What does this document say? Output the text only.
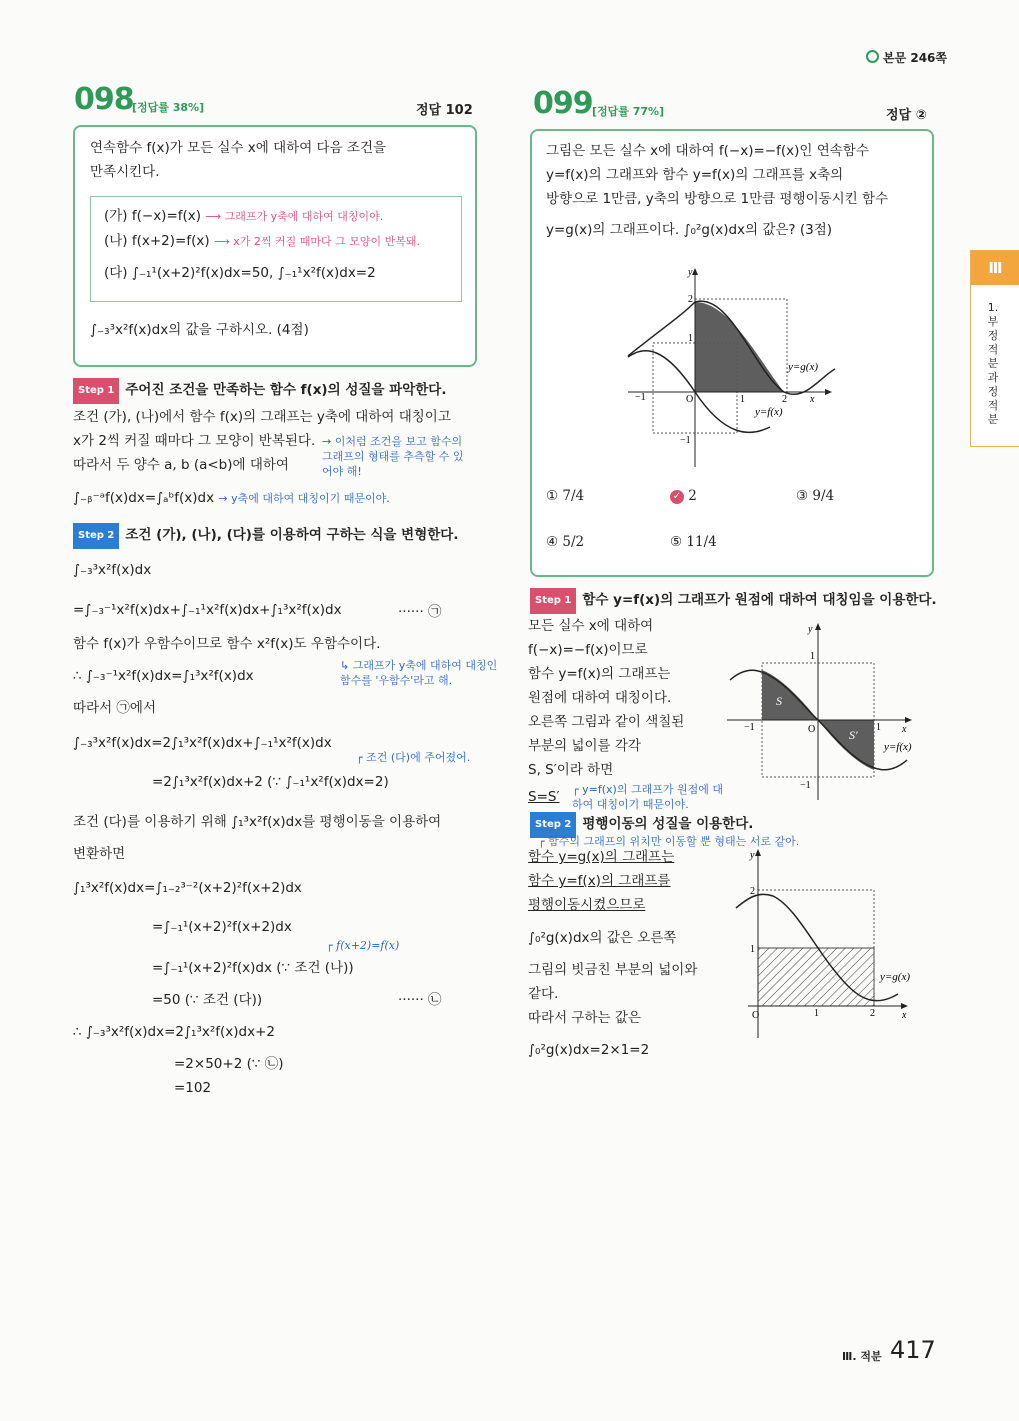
본문 246쪽
098
[정답률 38%]	정답 102
연속함수 f(x)가 모든 실수 x에 대하여 다음 조건을
만족시킨다.
(가) f(−x)=f(x) ⟶ 그래프가 y축에 대하여 대칭이야.
(나) f(x+2)=f(x) ⟶ x가 2씩 커질 때마다 그 모양이 반복돼.
(다) ∫₋₁¹(x+2)²f(x)dx=50, ∫₋₁¹x²f(x)dx=2
∫₋₃³x²f(x)dx의 값을 구하시오. (4점)
Step 1 주어진 조건을 만족하는 함수 f(x)의 성질을 파악한다.
조건 (가), (나)에서 함수 f(x)의 그래프는 y축에 대하여 대칭이고
x가 2씩 커질 때마다 그 모양이 반복된다. → 이처럼 조건을 보고 함수의 그래프의 형태를 추측할 수 있어야 해!
따라서 두 양수 a, b (a<b)에 대하여
∫₋ᵦ⁻ᵃf(x)dx=∫ₐᵇf(x)dx → y축에 대하여 대칭이기 때문이야.
Step 2 조건 (가), (나), (다)를 이용하여 구하는 식을 변형한다.
∫₋₃³x²f(x)dx
=∫₋₃⁻¹x²f(x)dx+∫₋₁¹x²f(x)dx+∫₁³x²f(x)dx	······ ㉠
함수 f(x)가 우함수이므로 함수 x²f(x)도 우함수이다.
↳ 그래프가 y축에 대하여 대칭인 함수를 '우함수'라고 해.
∴ ∫₋₃⁻¹x²f(x)dx=∫₁³x²f(x)dx
따라서 ㉠에서
∫₋₃³x²f(x)dx=2∫₁³x²f(x)dx+∫₋₁¹x²f(x)dx
┌ 조건 (다)에 주어졌어.
=2∫₁³x²f(x)dx+2 (∵ ∫₋₁¹x²f(x)dx=2)
조건 (다)를 이용하기 위해 ∫₁³x²f(x)dx를 평행이동을 이용하여
변환하면
∫₁³x²f(x)dx=∫₁₋₂³⁻²(x+2)²f(x+2)dx
=∫₋₁¹(x+2)²f(x+2)dx
┌ f(x+2)=f(x)
=∫₋₁¹(x+2)²f(x)dx (∵ 조건 (나))
=50 (∵ 조건 (다))	······ ㉡
∴ ∫₋₃³x²f(x)dx=2∫₁³x²f(x)dx+2
=2×50+2 (∵ ㉡)
=102
099 [정답률 77%]	정답 ②
그림은 모든 실수 x에 대하여 f(−x)=−f(x)인 연속함수
y=f(x)의 그래프와 함수 y=f(x)의 그래프를 x축의
방향으로 1만큼, y축의 방향으로 1만큼 평행이동시킨 함수
y=g(x)의 그래프이다. ∫₀²g(x)dx의 값은? (3점)
y
x
2
1
−1	O	1	2
−1
y=g(x)
y=f(x)
① 7/4	✓ 2	③ 9/4
④ 5/2	⑤ 11/4
Step 1 함수 y=f(x)의 그래프가 원점에 대하여 대칭임을 이용한다.
모든 실수 x에 대하여
f(−x)=−f(x)이므로
함수 y=f(x)의 그래프는
원점에 대하여 대칭이다.
오른쪽 그림과 같이 색칠된
부분의 넓이를 각각
S, S′이라 하면
S=S′ ┌ y=f(x)의 그래프가 원점에 대하여 대칭이기 때문이야.
S
S′
y
x
1
−1	O	1
−1
y=f(x)
Step 2 평행이동의 성질을 이용한다.
┌ 함수의 그래프의 위치만 이동할 뿐 형태는 서로 같아.
함수 y=g(x)의 그래프는
함수 y=f(x)의 그래프를
평행이동시켰으므로
∫₀²g(x)dx의 값은 오른쪽
그림의 빗금친 부분의 넓이와
같다.
따라서 구하는 값은
∫₀²g(x)dx=2×1=2
y
x
2
1
O	1	2
y=g(x)
Ⅲ
1. 부정적분과 정적분
Ⅲ. 적분 417
